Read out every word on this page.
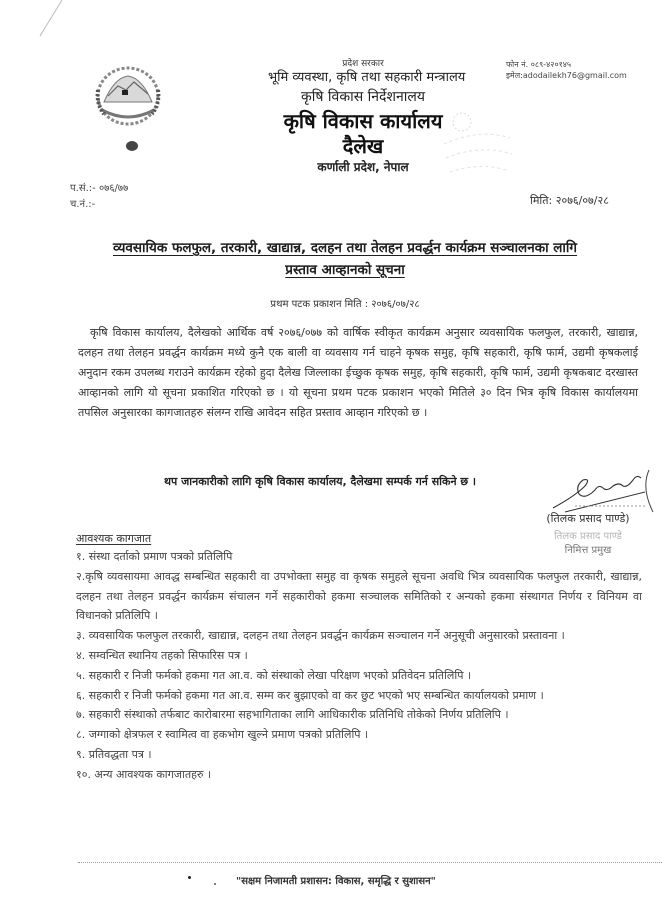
प्रदेश सरकार
भूमि व्यवस्था, कृषि तथा सहकारी मन्त्रालय
कृषि विकास निर्देशनालय
कृषि विकास कार्यालय
दैलेख
कर्णाली प्रदेश, नेपाल
फोन नं. ०८९-४२०१४५
इमेल:adodailekh76@gmail.com
प.सं.:- ०७६/७७
च.नं.:-	मिति: २०७६/०७/२८
व्यवसायिक फलफुल, तरकारी, खाद्यान्न, दलहन तथा तेलहन प्रवर्द्धन कार्यक्रम सञ्चालनका लागि
प्रस्ताव आव्हानको सूचना
प्रथम पटक प्रकाशन मिति : २०७६/०७/२८
कृषि विकास कार्यालय, दैलेखको आर्थिक वर्ष २०७६/०७७ को वार्षिक स्वीकृत कार्यक्रम अनुसार व्यवसायिक फलफुल, तरकारी, खाद्यान्न, दलहन तथा तेलहन प्रवर्द्धन कार्यक्रम मध्ये कुनै एक बाली वा व्यवसाय गर्न चाहने कृषक समुह, कृषि सहकारी, कृषि फार्म, उद्यमी कृषकलाई अनुदान रकम उपलब्ध गराउने कार्यक्रम रहेको हुदा दैलेख जिल्लाका ईच्छुक कृषक समुह, कृषि सहकारी, कृषि फार्म, उद्यमी कृषकबाट दरखास्त आव्हानको लागि यो सूचना प्रकाशित गरिएको छ । यो सूचना प्रथम पटक प्रकाशन भएको मितिले ३० दिन भित्र कृषि विकास कार्यालयमा तपसिल अनुसारका कागजातहरु संलग्न राखि आवेदन सहित प्रस्ताव आव्हान गरिएको छ ।
थप जानकारीको लागि कृषि विकास कार्यालय, दैलेखमा सम्पर्क गर्न सकिने छ ।
(तिलक प्रसाद पाण्डे)
तिलक प्रसाद पाण्डे
निमित्त प्रमुख
आवश्यक कागजात
१. संस्था दर्ताको प्रमाण पत्रको प्रतिलिपि
२.कृषि व्यवसायमा आवद्ध सम्बन्धित सहकारी वा उपभोक्ता समुह वा कृषक समुहले सूचना अवधि भित्र व्यवसायिक फलफुल तरकारी, खाद्यान्न, दलहन तथा तेलहन प्रवर्द्धन कार्यक्रम संचालन गर्ने सहकारीको हकमा सञ्चालक समितिको र अन्यको हकमा संस्थागत निर्णय र विनियम वा विधानको प्रतिलिपि ।
३. व्यवसायिक फलफुल तरकारी, खाद्यान्न, दलहन तथा तेलहन प्रवर्द्धन कार्यक्रम सञ्चालन गर्ने अनुसूची अनुसारको प्रस्तावना ।
४. सम्वन्धित स्थानिय तहको सिफारिस पत्र ।
५. सहकारी र निजी फर्मको हकमा गत आ.व. को संस्थाको लेखा परिक्षण भएको प्रतिवेदन प्रतिलिपि ।
६. सहकारी र निजी फर्मको हकमा गत आ.व. सम्म कर बुझाएको वा कर छुट भएको भए सम्बन्धित कार्यालयको प्रमाण ।
७. सहकारी संस्थाको तर्फबाट कारोबारमा सहभागिताका लागि आधिकारीक प्रतिनिधि तोकेको निर्णय प्रतिलिपि ।
८. जग्गाको क्षेत्रफल र स्वामित्व वा हकभोग खुल्ने प्रमाण पत्रको प्रतिलिपि ।
९. प्रतिवद्धता पत्र ।
१०. अन्य आवश्यक कागजातहरु ।
"सक्षम निजामती प्रशासन: विकास, समृद्धि र सुशासन"
